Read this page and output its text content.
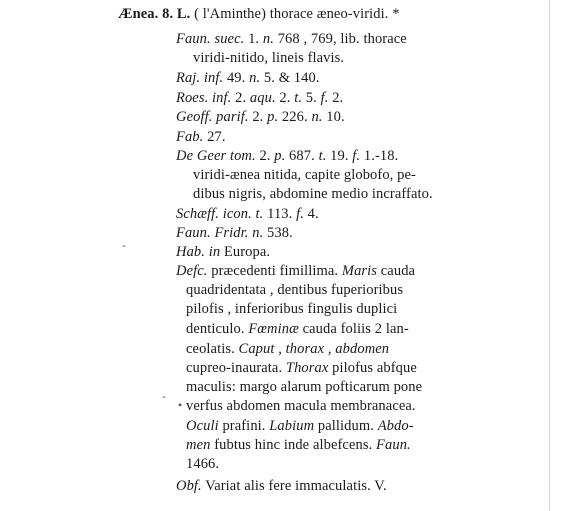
Ænea. 8. L. ( l'Aminthe) thorace æneo-viridi. *
Faun. suec. 1. n. 768 , 769, lib. thorace
viridi-nitido, lineis flavis.
Raj. inf. 49. n. 5. & 140.
Roes. inf. 2. aqu. 2. t. 5. f. 2.
Geoff. parif. 2. p. 226. n. 10.
Fab. 27.
De Geer tom. 2. p. 687. t. 19. f. 1.-18.
viridi-ænea nitida, capite globofo, pe-
dibus nigris, abdomine medio incraffato.
Schæff. icon. t. 113. f. 4.
Faun. Fridr. n. 538.
Hab. in Europa.
Defc. præcedenti fimillima. Maris cauda
quadridentata , dentibus fuperioribus
pilofis , inferioribus fingulis duplici
denticulo. Fœminæ cauda foliis 2 lan-
ceolatis. Caput , thorax , abdomen
cupreo-inaurata. Thorax pilofus abfque
maculis: margo alarum pofticarum pone
verfus abdomen macula membranacea.
Oculi prafini. Labium pallidum. Abdo-
men fubtus hinc inde albefcens. Faun.
1466.
Obf. Variat alis fere immaculatis. V.
-
-
•
